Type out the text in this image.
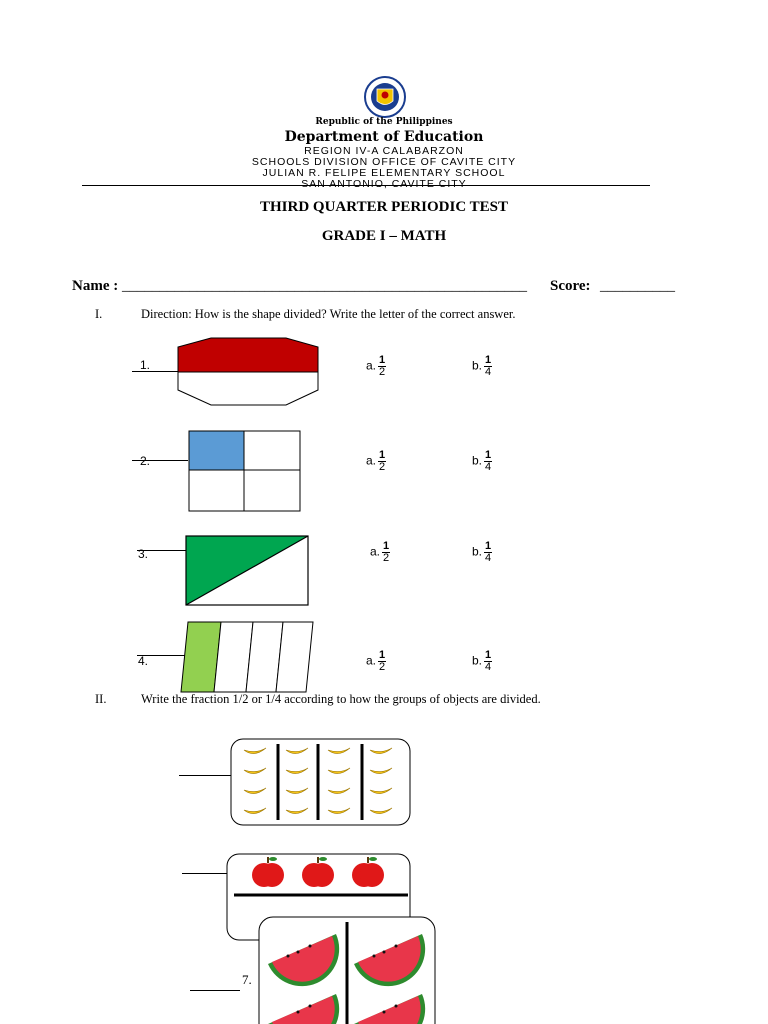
Republic of the Philippines
Department of Education
REGION IV-A CALABARZON
SCHOOLS DIVISION OFFICE OF CAVITE CITY
JULIAN R. FELIPE ELEMENTARY SCHOOL
SAN ANTONIO, CAVITE CITY
THIRD QUARTER PERIODIC TEST
GRADE I – MATH
Name : ______________________________________________________ Score: __________
I.	Direction: How is the shape divided? Write the letter of the correct answer.
1.	a. $\frac{1}{2}$	b. $\frac{1}{4}$
2.	a. $\frac{1}{2}$	b. $\frac{1}{4}$
3.	a. $\frac{1}{2}$	b. $\frac{1}{4}$
4.	a. $\frac{1}{2}$	b. $\frac{1}{4}$
II.	Write the fraction 1/2 or 1/4 according to how the groups of objects are divided.
7.
